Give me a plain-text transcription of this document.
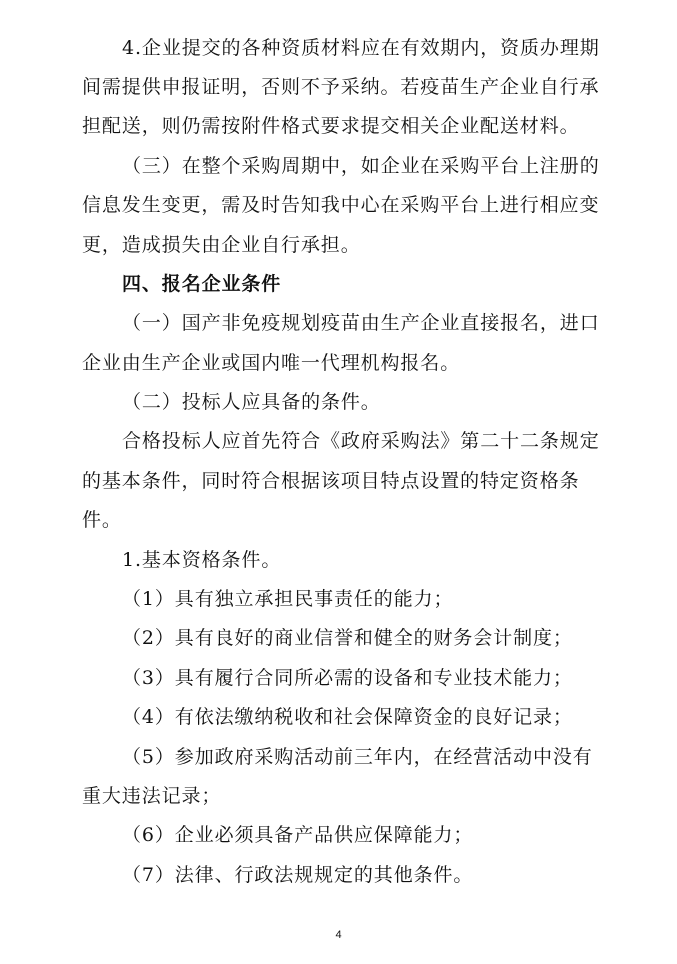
4.企业提交的各种资质材料应在有效期内，资质办理期
间需提供申报证明，否则不予采纳。若疫苗生产企业自行承
担配送，则仍需按附件格式要求提交相关企业配送材料。
（三）在整个采购周期中，如企业在采购平台上注册的
信息发生变更，需及时告知我中心在采购平台上进行相应变
更，造成损失由企业自行承担。
四、报名企业条件
（一）国产非免疫规划疫苗由生产企业直接报名，进口
企业由生产企业或国内唯一代理机构报名。
（二）投标人应具备的条件。
合格投标人应首先符合《政府采购法》第二十二条规定
的基本条件，同时符合根据该项目特点设置的特定资格条
件。
1.基本资格条件。
（1）具有独立承担民事责任的能力；
（2）具有良好的商业信誉和健全的财务会计制度；
（3）具有履行合同所必需的设备和专业技术能力；
（4）有依法缴纳税收和社会保障资金的良好记录；
（5）参加政府采购活动前三年内，在经营活动中没有
重大违法记录；
（6）企业必须具备产品供应保障能力；
（7）法律、行政法规规定的其他条件。
4
